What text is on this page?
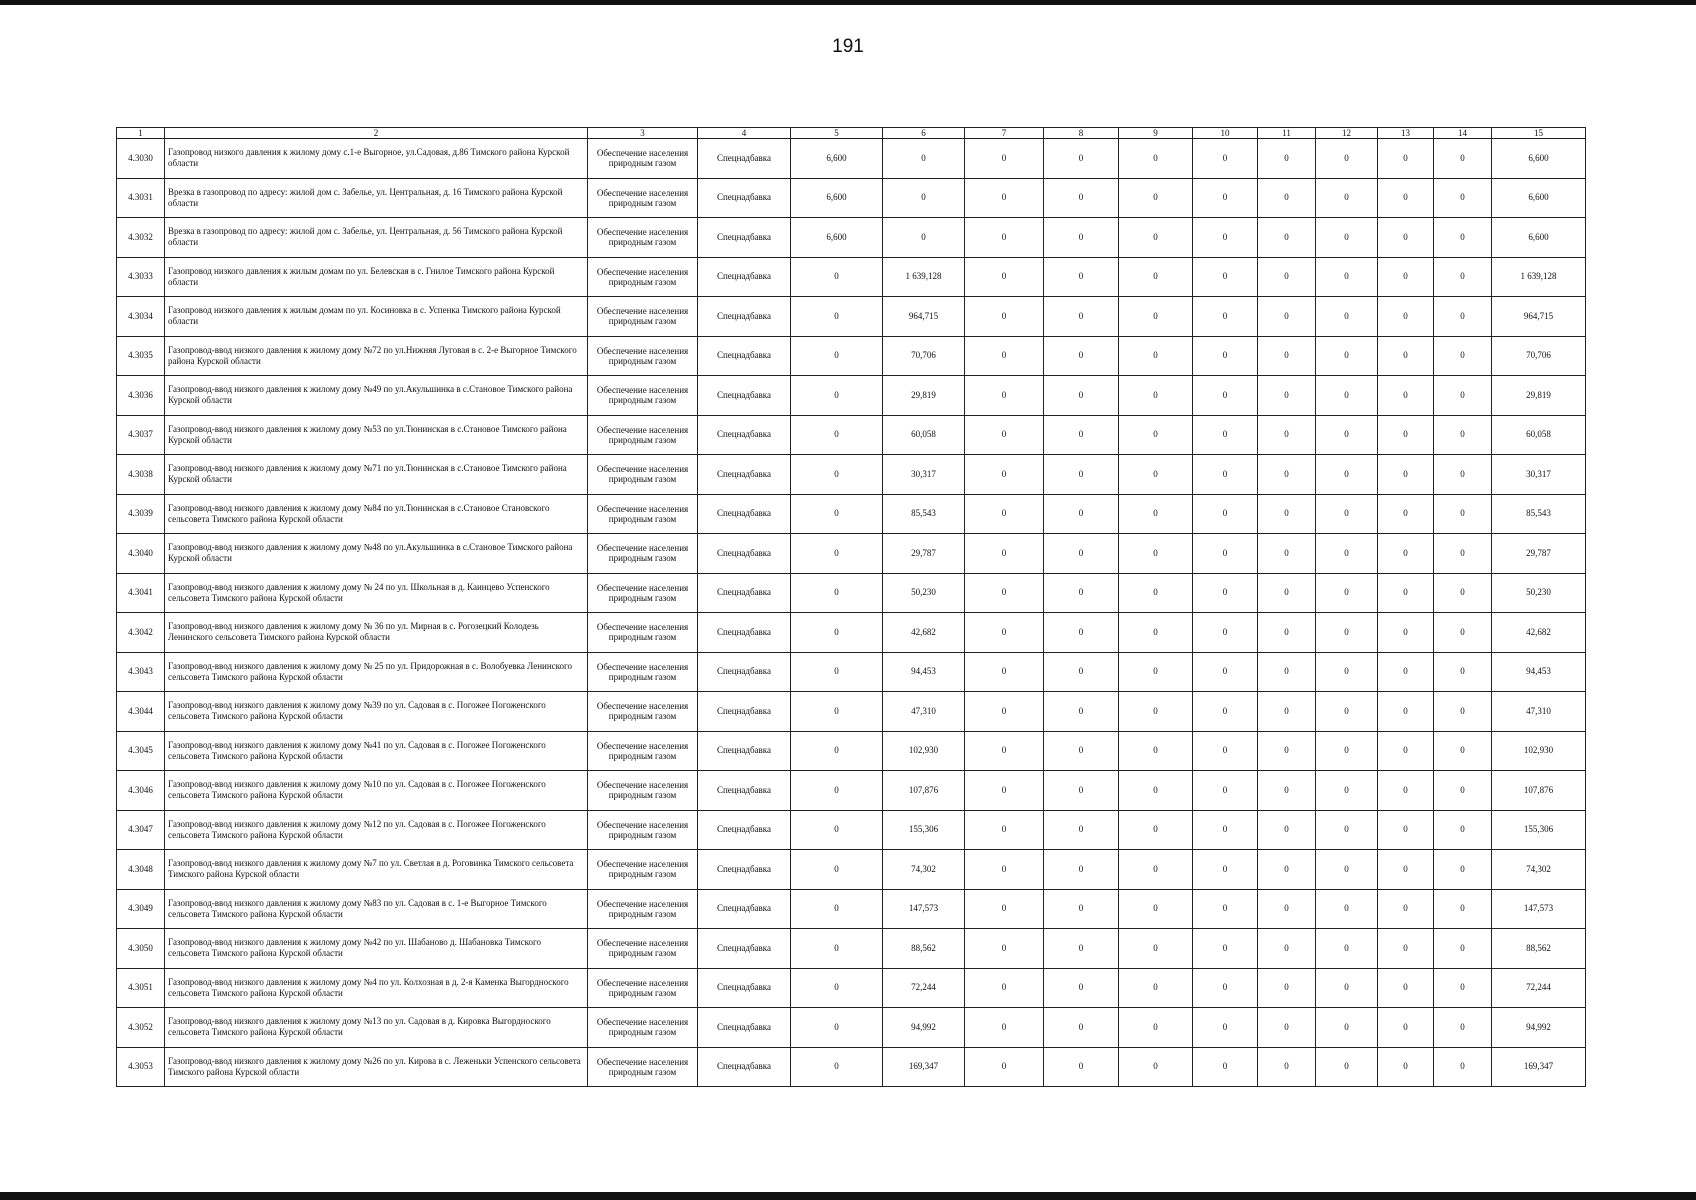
191
1	2	3	4	5	6	7	8	9	10	11	12	13	14	15
4.3030	Газопровод низкого давления к жилому дому с.1-е Выгорное, ул.Садовая, д.86 Тимского района Курской области	Обеспечение населения природным газом	Спецнадбавка	6,600	0	0	0	0	0	0	0	0	0	6,600
4.3031	Врезка в газопровод по адресу: жилой дом с. Забелье, ул. Центральная, д. 16 Тимского района Курской области	Обеспечение населения природным газом	Спецнадбавка	6,600	0	0	0	0	0	0	0	0	0	6,600
4.3032	Врезка в газопровод по адресу: жилой дом с. Забелье, ул. Центральная, д. 56 Тимского района Курской области	Обеспечение населения природным газом	Спецнадбавка	6,600	0	0	0	0	0	0	0	0	0	6,600
4.3033	Газопровод низкого давления к жилым домам по ул. Белевская в с. Гнилое Тимского района Курской области	Обеспечение населения природным газом	Спецнадбавка	0	1 639,128	0	0	0	0	0	0	0	0	1 639,128
4.3034	Газопровод низкого давления к жилым домам по ул. Косиновка в с. Успенка Тимского района Курской области	Обеспечение населения природным газом	Спецнадбавка	0	964,715	0	0	0	0	0	0	0	0	964,715
4.3035	Газопровод-ввод низкого давления к жилому дому №72 по ул.Нижняя Луговая в с. 2-е Выгорное Тимского района Курской области	Обеспечение населения природным газом	Спецнадбавка	0	70,706	0	0	0	0	0	0	0	0	70,706
4.3036	Газопровод-ввод низкого давления к жилому дому №49 по ул.Акульшинка в с.Становое Тимского района Курской области	Обеспечение населения природным газом	Спецнадбавка	0	29,819	0	0	0	0	0	0	0	0	29,819
4.3037	Газопровод-ввод низкого давления к жилому дому №53 по ул.Тюнинская в с.Становое Тимского района Курской области	Обеспечение населения природным газом	Спецнадбавка	0	60,058	0	0	0	0	0	0	0	0	60,058
4.3038	Газопровод-ввод низкого давления к жилому дому №71 по ул.Тюнинская в с.Становое Тимского района Курской области	Обеспечение населения природным газом	Спецнадбавка	0	30,317	0	0	0	0	0	0	0	0	30,317
4.3039	Газопровод-ввод низкого давления к жилому дому №84 по ул.Тюнинская в с.Становое Становского сельсовета Тимского района Курской области	Обеспечение населения природным газом	Спецнадбавка	0	85,543	0	0	0	0	0	0	0	0	85,543
4.3040	Газопровод-ввод низкого давления к жилому дому №48 по ул.Акульшинка в с.Становое Тимского района Курской области	Обеспечение населения природным газом	Спецнадбавка	0	29,787	0	0	0	0	0	0	0	0	29,787
4.3041	Газопровод-ввод низкого давления к жилому дому № 24 по ул. Школьная в д. Каинцево Успенского сельсовета Тимского района Курской области	Обеспечение населения природным газом	Спецнадбавка	0	50,230	0	0	0	0	0	0	0	0	50,230
4.3042	Газопровод-ввод низкого давления к жилому дому № 36 по ул. Мирная в с. Рогозецкий Колодезь Ленинского сельсовета Тимского района Курской области	Обеспечение населения природным газом	Спецнадбавка	0	42,682	0	0	0	0	0	0	0	0	42,682
4.3043	Газопровод-ввод низкого давления к жилому дому № 25 по ул. Придорожная в с. Волобуевка Ленинского сельсовета Тимского района Курской области	Обеспечение населения природным газом	Спецнадбавка	0	94,453	0	0	0	0	0	0	0	0	94,453
4.3044	Газопровод-ввод низкого давления к жилому дому №39 по ул. Садовая в с. Погожее Погоженского сельсовета Тимского района Курской области	Обеспечение населения природным газом	Спецнадбавка	0	47,310	0	0	0	0	0	0	0	0	47,310
4.3045	Газопровод-ввод низкого давления к жилому дому №41 по ул. Садовая в с. Погожее Погоженского сельсовета Тимского района Курской области	Обеспечение населения природным газом	Спецнадбавка	0	102,930	0	0	0	0	0	0	0	0	102,930
4.3046	Газопровод-ввод низкого давления к жилому дому №10 по ул. Садовая в с. Погожее Погоженского сельсовета Тимского района Курской области	Обеспечение населения природным газом	Спецнадбавка	0	107,876	0	0	0	0	0	0	0	0	107,876
4.3047	Газопровод-ввод низкого давления к жилому дому №12 по ул. Садовая в с. Погожее Погоженского сельсовета Тимского района Курской области	Обеспечение населения природным газом	Спецнадбавка	0	155,306	0	0	0	0	0	0	0	0	155,306
4.3048	Газопровод-ввод низкого давления к жилому дому №7 по ул. Светлая в д. Роговинка Тимского сельсовета Тимского района Курской области	Обеспечение населения природным газом	Спецнадбавка	0	74,302	0	0	0	0	0	0	0	0	74,302
4.3049	Газопровод-ввод низкого давления к жилому дому №83 по ул. Садовая в с. 1-е Выгорное Тимского сельсовета Тимского района Курской области	Обеспечение населения природным газом	Спецнадбавка	0	147,573	0	0	0	0	0	0	0	0	147,573
4.3050	Газопровод-ввод низкого давления к жилому дому №42 по ул. Шабаново д. Шабановка Тимского сельсовета Тимского района Курской области	Обеспечение населения природным газом	Спецнадбавка	0	88,562	0	0	0	0	0	0	0	0	88,562
4.3051	Газопровод-ввод низкого давления к жилому дому №4 по ул. Колхозная в д. 2-я Каменка Выгордноского сельсовета Тимского района Курской области	Обеспечение населения природным газом	Спецнадбавка	0	72,244	0	0	0	0	0	0	0	0	72,244
4.3052	Газопровод-ввод низкого давления к жилому дому №13 по ул. Садовая в д. Кировка Выгордноского сельсовета Тимского района Курской области	Обеспечение населения природным газом	Спецнадбавка	0	94,992	0	0	0	0	0	0	0	0	94,992
4.3053	Газопровод-ввод низкого давления к жилому дому №26 по ул. Кирова в с. Леженьки Успенского сельсовета Тимского района Курской области	Обеспечение населения природным газом	Спецнадбавка	0	169,347	0	0	0	0	0	0	0	0	169,347
